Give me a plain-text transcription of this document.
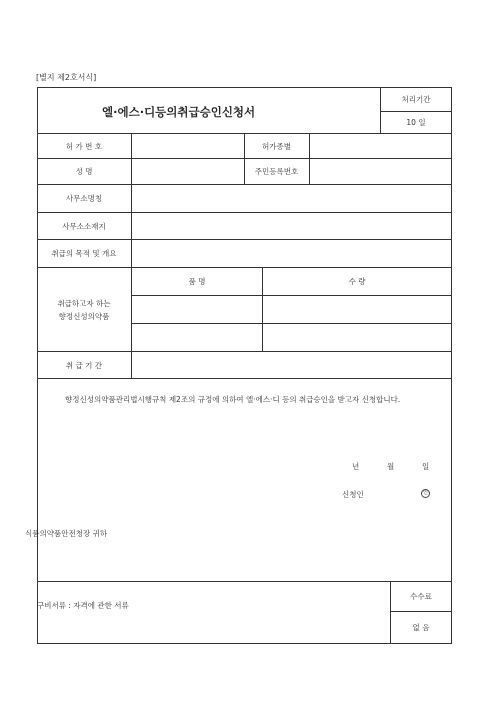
[별지 제2호서식]
엘·에스·디등의취급승인신청서
처리기간
10 일
허 가 번 호	허가종별
성 명	주민등록번호
사무소명칭
사무소소재지
취급의 목적 및 개요
취급하고자 하는
향정신성의약품
품 명	수 량
취 급 기 간
향정신성의약품관리법시행규칙 제2조의 규정에 의하여 엘·에스·디 등의 취급승인을 받고자 신청합니다.
년	월	일
신청인	인
식품의약품안전청장 귀하
구비서류 : 자격에 관한 서류
수수료
없 음
